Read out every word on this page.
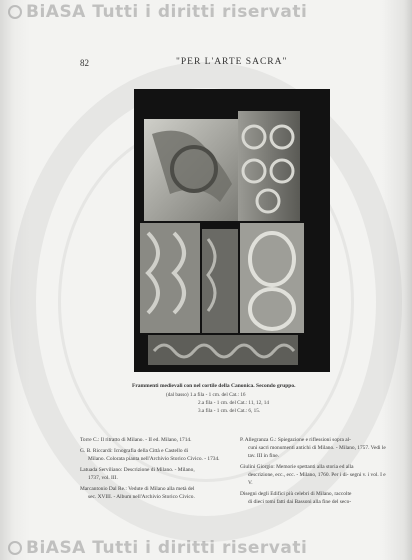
BiASA Tutti i diritti riservati
BiASA Tutti i diritti riservati
82	"PER L'ARTE SACRA"
Frammenti medievali con nel cortile della Canonica. Secondo gruppo.
(dal basso) 1.a fila - 1 cm. del Cat.: 16
2.a fila - 1 cm. del Cat.: 11, 12, 14
3.a fila - 1 cm. del Cat.: 6, 15.

Torre C.: Il ritratto di Milano. - II ed. Milano, 1714.

G. B. Riccardi: Icnografia della Città e Castello di
Milano. Colorata pianta nell'Archivio Storico Civico. - 1734.

Latuada Serviliano: Descrizione di Milano. - Milano,
1737, vol. III.

Marcantonio Dal Re.: Vedute di Milano alla metà del
sec. XVIII. - Album nell'Archivio Storico Civico.

P. Allegranza G.: Spiegazione e riflessioni sopra al-
cuni sacri monumenti antichi di Milano. - Milano, 1757. Vedi le tav. III in fine.

Giulini Giorgio: Memorie spettanti alla storia ed alla
descrizione, ecc., ecc. - Milano, 1760. Per i di- segni v. i vol. I e V.

Disegni degli Edifici più celebri di Milano, raccolte
di dieci tomi fatti dai Bassoni alla fine del seco-
